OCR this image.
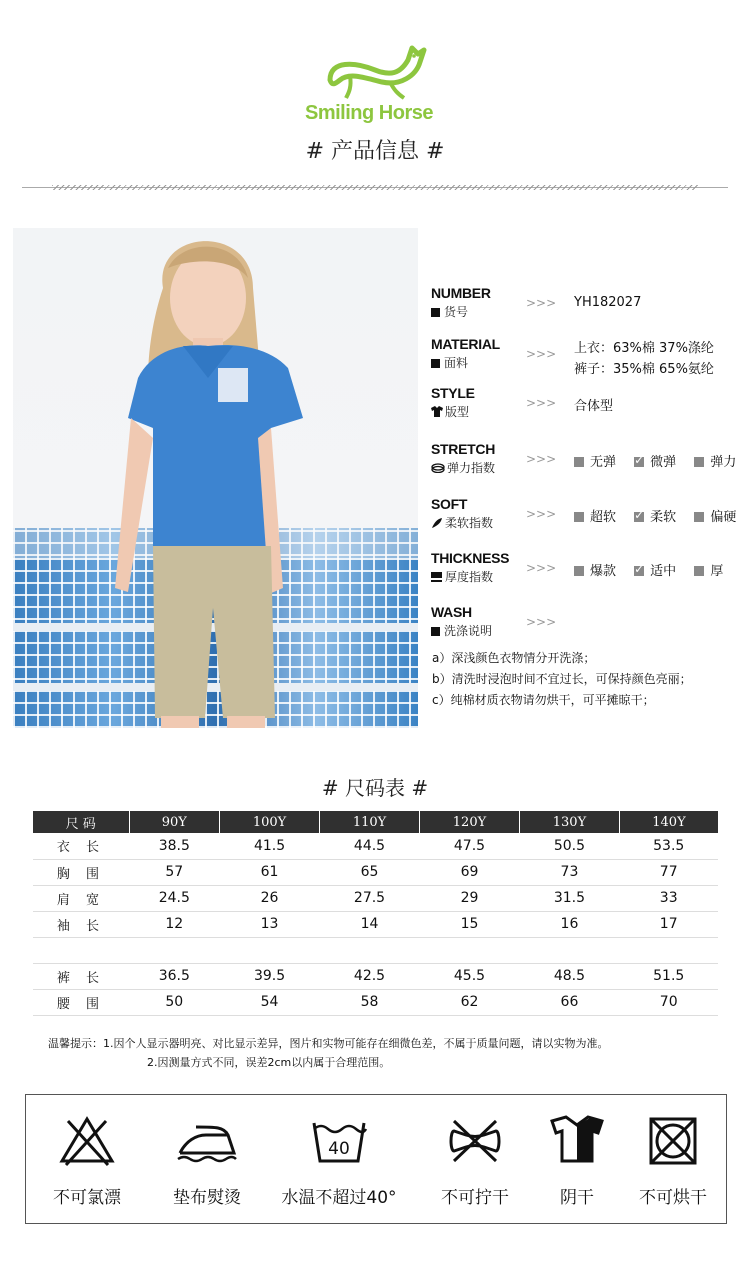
Smiling Horse
# 产品信息 #
NUMBER
货号
>>> YH182027
MATERIAL
面料
>>> 上衣：63%棉 37%涤纶
裤子：35%棉 65%氨纶
STYLE
版型
>>> 合体型
STRETCH
弹力指数
>>>	无弹 ✓	微弹	弹力
SOFT
柔软指数
>>>	超软 ✓	柔软	偏硬
THICKNESS
厚度指数
>>>	爆款 ✓	适中	厚
WASH
洗涤说明
>>>
a）深浅颜色衣物情分开洗涤；
b）清洗时浸泡时间不宜过长，可保持颜色亮丽；
c）纯棉材质衣物请勿烘干，可平摊晾干；
# 尺码表 #
尺 码	90Y	100Y	110Y	120Y	130Y	140Y
衣 长	38.5	41.5	44.5	47.5	50.5	53.5
胸 围	57	61	65	69	73	77
肩 宽	24.5	26	27.5	29	31.5	33
袖 长	12	13	14	15	16	17

裤 长	36.5	39.5	42.5	45.5	48.5	51.5
腰 围	50	54	58	62	66	70
温馨提示：1.因个人显示器明亮、对比显示差异，图片和实物可能存在细微色差，不属于质量问题，请以实物为准。
2.因测量方式不同，误差2cm以内属于合理范围。
不可氯漂	垫布熨烫
40
水温不超过40°	不可拧干	阴干	不可烘干
